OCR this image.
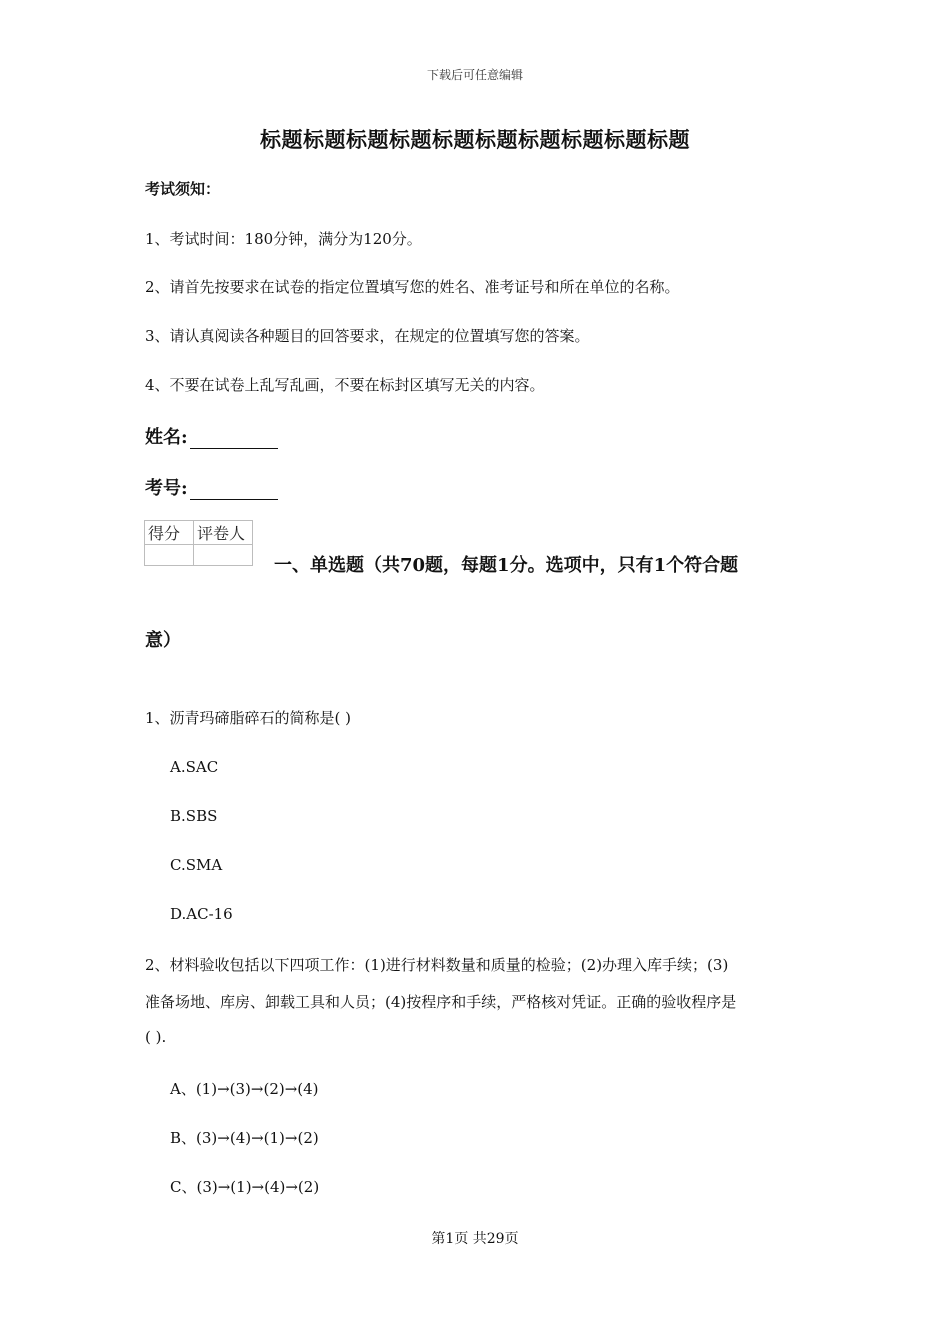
下载后可任意编辑
标题标题标题标题标题标题标题标题标题标题
考试须知：
1、考试时间：180分钟，满分为120分。
2、请首先按要求在试卷的指定位置填写您的姓名、准考证号和所在单位的名称。
3、请认真阅读各种题目的回答要求，在规定的位置填写您的答案。
4、不要在试卷上乱写乱画，不要在标封区填写无关的内容。
姓名:
考号:
得分	评卷人

一、单选题（共70题，每题1分。选项中，只有1个符合题
意）
1、沥青玛碲脂碎石的简称是( )
A.SAC
B.SBS
C.SMA
D.AC-16
2、材料验收包括以下四项工作：(1)进行材料数量和质量的检验；(2)办理入库手续；(3)
准备场地、库房、卸载工具和人员；(4)按程序和手续，严格核对凭证。正确的验收程序是
( ).
A、(1)→(3)→(2)→(4)
B、(3)→(4)→(1)→(2)
C、(3)→(1)→(4)→(2)
第1页 共29页
